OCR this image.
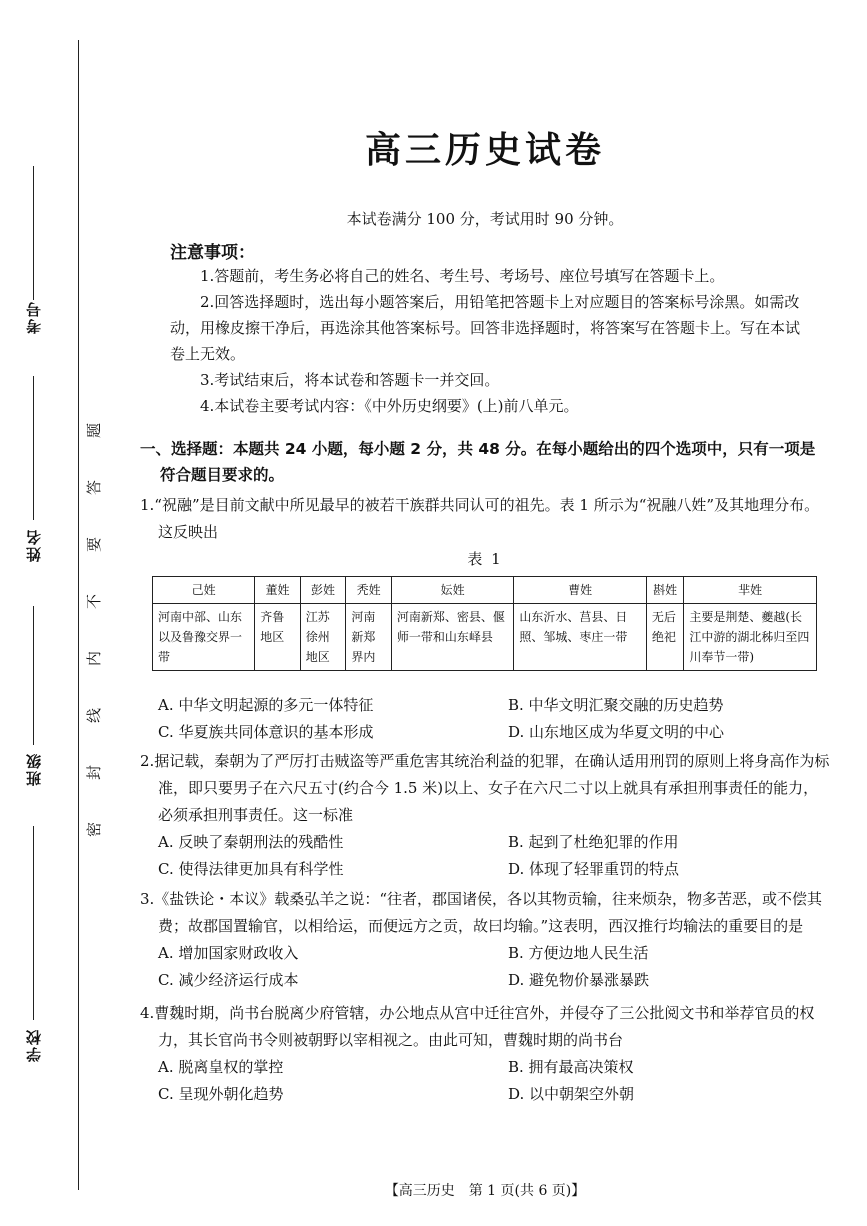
考号
姓名
班级
学校
题
答
要
不
内
线
封
密
高三历史试卷
本试卷满分 100 分，考试用时 90 分钟。
注意事项：
1.答题前，考生务必将自己的姓名、考生号、考场号、座位号填写在答题卡上。
2.回答选择题时，选出每小题答案后，用铅笔把答题卡上对应题目的答案标号涂黑。如需改动，用橡皮擦干净后，再选涂其他答案标号。回答非选择题时，将答案写在答题卡上。写在本试卷上无效。
3.考试结束后，将本试卷和答题卡一并交回。
4.本试卷主要考试内容：《中外历史纲要》(上)前八单元。
一、选择题：本题共 24 小题，每小题 2 分，共 48 分。在每小题给出的四个选项中，只有一项是符合题目要求的。
1.“祝融”是目前文献中所见最早的被若干族群共同认可的祖先。表 1 所示为“祝融八姓”及其地理分布。这反映出
表 1
己姓	董姓	彭姓	秃姓	妘姓	曹姓	斟姓	芈姓
河南中部、山东以及鲁豫交界一带	齐鲁地区	江苏徐州地区	河南新郑界内	河南新郑、密县、偃师一带和山东峄县	山东沂水、莒县、日照、邹城、枣庄一带	无后绝祀	主要是荆楚、夔越(长江中游的湖北秭归至四川奉节一带)
A. 中华文明起源的多元一体特征	B. 中华文明汇聚交融的历史趋势
C. 华夏族共同体意识的基本形成	D. 山东地区成为华夏文明的中心
2.据记载，秦朝为了严厉打击贼盗等严重危害其统治利益的犯罪，在确认适用刑罚的原则上将身高作为标准，即只要男子在六尺五寸(约合今 1.5 米)以上、女子在六尺二寸以上就具有承担刑事责任的能力，必须承担刑事责任。这一标准
A. 反映了秦朝刑法的残酷性	B. 起到了杜绝犯罪的作用
C. 使得法律更加具有科学性	D. 体现了轻罪重罚的特点
3.《盐铁论・本议》载桑弘羊之说：“往者，郡国诸侯，各以其物贡输，往来烦杂，物多苦恶，或不偿其费；故郡国置输官，以相给运，而便远方之贡，故曰均输。”这表明，西汉推行均输法的重要目的是
A. 增加国家财政收入	B. 方便边地人民生活
C. 减少经济运行成本	D. 避免物价暴涨暴跌
4.曹魏时期，尚书台脱离少府管辖，办公地点从宫中迁往宫外，并侵夺了三公批阅文书和举荐官员的权力，其长官尚书令则被朝野以宰相视之。由此可知，曹魏时期的尚书台
A. 脱离皇权的掌控	B. 拥有最高决策权
C. 呈现外朝化趋势	D. 以中朝架空外朝
【高三历史　第 1 页(共 6 页)】
